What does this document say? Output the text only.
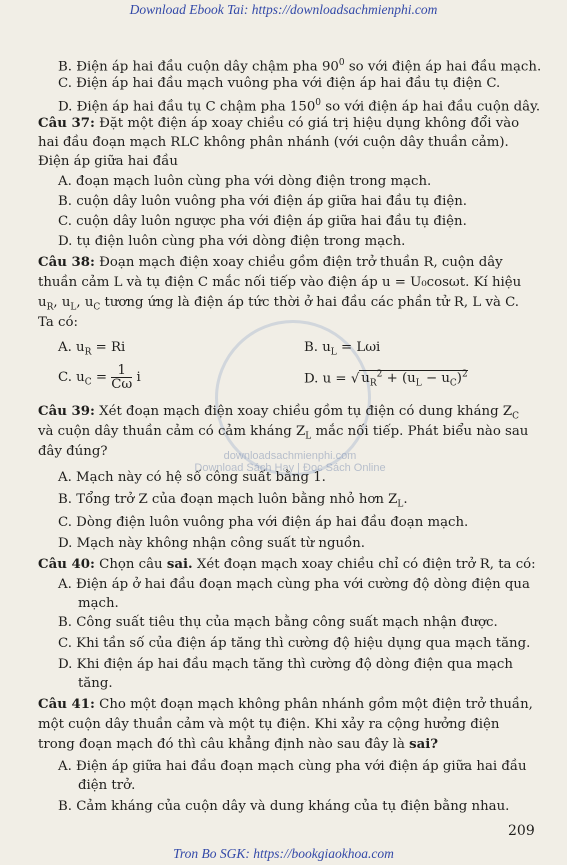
Download Ebook Tai: https://downloadsachmienphi.com
downloadsachmienphi.com
Download Sách Hay | Đọc Sách Online
B. Điện áp hai đầu cuộn dây chậm pha $90^0$ so với điện áp hai đầu mạch.
C. Điện áp hai đầu mạch vuông pha với điện áp hai đầu tụ điện C.
D. Điện áp hai đầu tụ C chậm pha $150^0$ so với điện áp hai đầu cuộn dây.
Câu 37: Đặt một điện áp xoay chiều có giá trị hiệu dụng không đổi vào
hai đầu đoạn mạch RLC không phân nhánh (với cuộn dây thuần cảm).
Điện áp giữa hai đầu
A. đoạn mạch luôn cùng pha với dòng điện trong mạch.
B. cuộn dây luôn vuông pha với điện áp giữa hai đầu tụ điện.
C. cuộn dây luôn ngược pha với điện áp giữa hai đầu tụ điện.
D. tụ điện luôn cùng pha với dòng điện trong mạch.
Câu 38: Đoạn mạch điện xoay chiều gồm điện trở thuần R, cuộn dây
thuần cảm L và tụ điện C mắc nối tiếp vào điện áp u = U₀cosωt. Kí hiệu
$u_R$, $u_L$, $u_C$ tương ứng là điện áp tức thời ở hai đầu các phần tử R, L và C.
Ta có:
A. $u_R = Ri$	B. $u_L = L\omega i$
C. $u_C = \frac{1}{C\omega}$ i	D. u = √ $u_R^2 + (u_L - u_C)^2$
Câu 39: Xét đoạn mạch điện xoay chiều gồm tụ điện có dung kháng $Z_C$
và cuộn dây thuần cảm có cảm kháng $Z_L$ mắc nối tiếp. Phát biểu nào sau
đây đúng?
A. Mạch này có hệ số công suất bằng 1.
B. Tổng trở Z của đoạn mạch luôn bằng nhỏ hơn $Z_L$.
C. Dòng điện luôn vuông pha với điện áp hai đầu đoạn mạch.
D. Mạch này không nhận công suất từ nguồn.
Câu 40: Chọn câu sai. Xét đoạn mạch xoay chiều chỉ có điện trở R, ta có:
A. Điện áp ở hai đầu đoạn mạch cùng pha với cường độ dòng điện qua
mạch.
B. Công suất tiêu thụ của mạch bằng công suất mạch nhận được.
C. Khi tần số của điện áp tăng thì cường độ hiệu dụng qua mạch tăng.
D. Khi điện áp hai đầu mạch tăng thì cường độ dòng điện qua mạch
tăng.
Câu 41: Cho một đoạn mạch không phân nhánh gồm một điện trở thuần,
một cuộn dây thuần cảm và một tụ điện. Khi xảy ra cộng hưởng điện
trong đoạn mạch đó thì câu khẳng định nào sau đây là sai?
A. Điện áp giữa hai đầu đoạn mạch cùng pha với điện áp giữa hai đầu
điện trở.
B. Cảm kháng của cuộn dây và dung kháng của tụ điện bằng nhau.
209
Tron Bo SGK: https://bookgiaokhoa.com
